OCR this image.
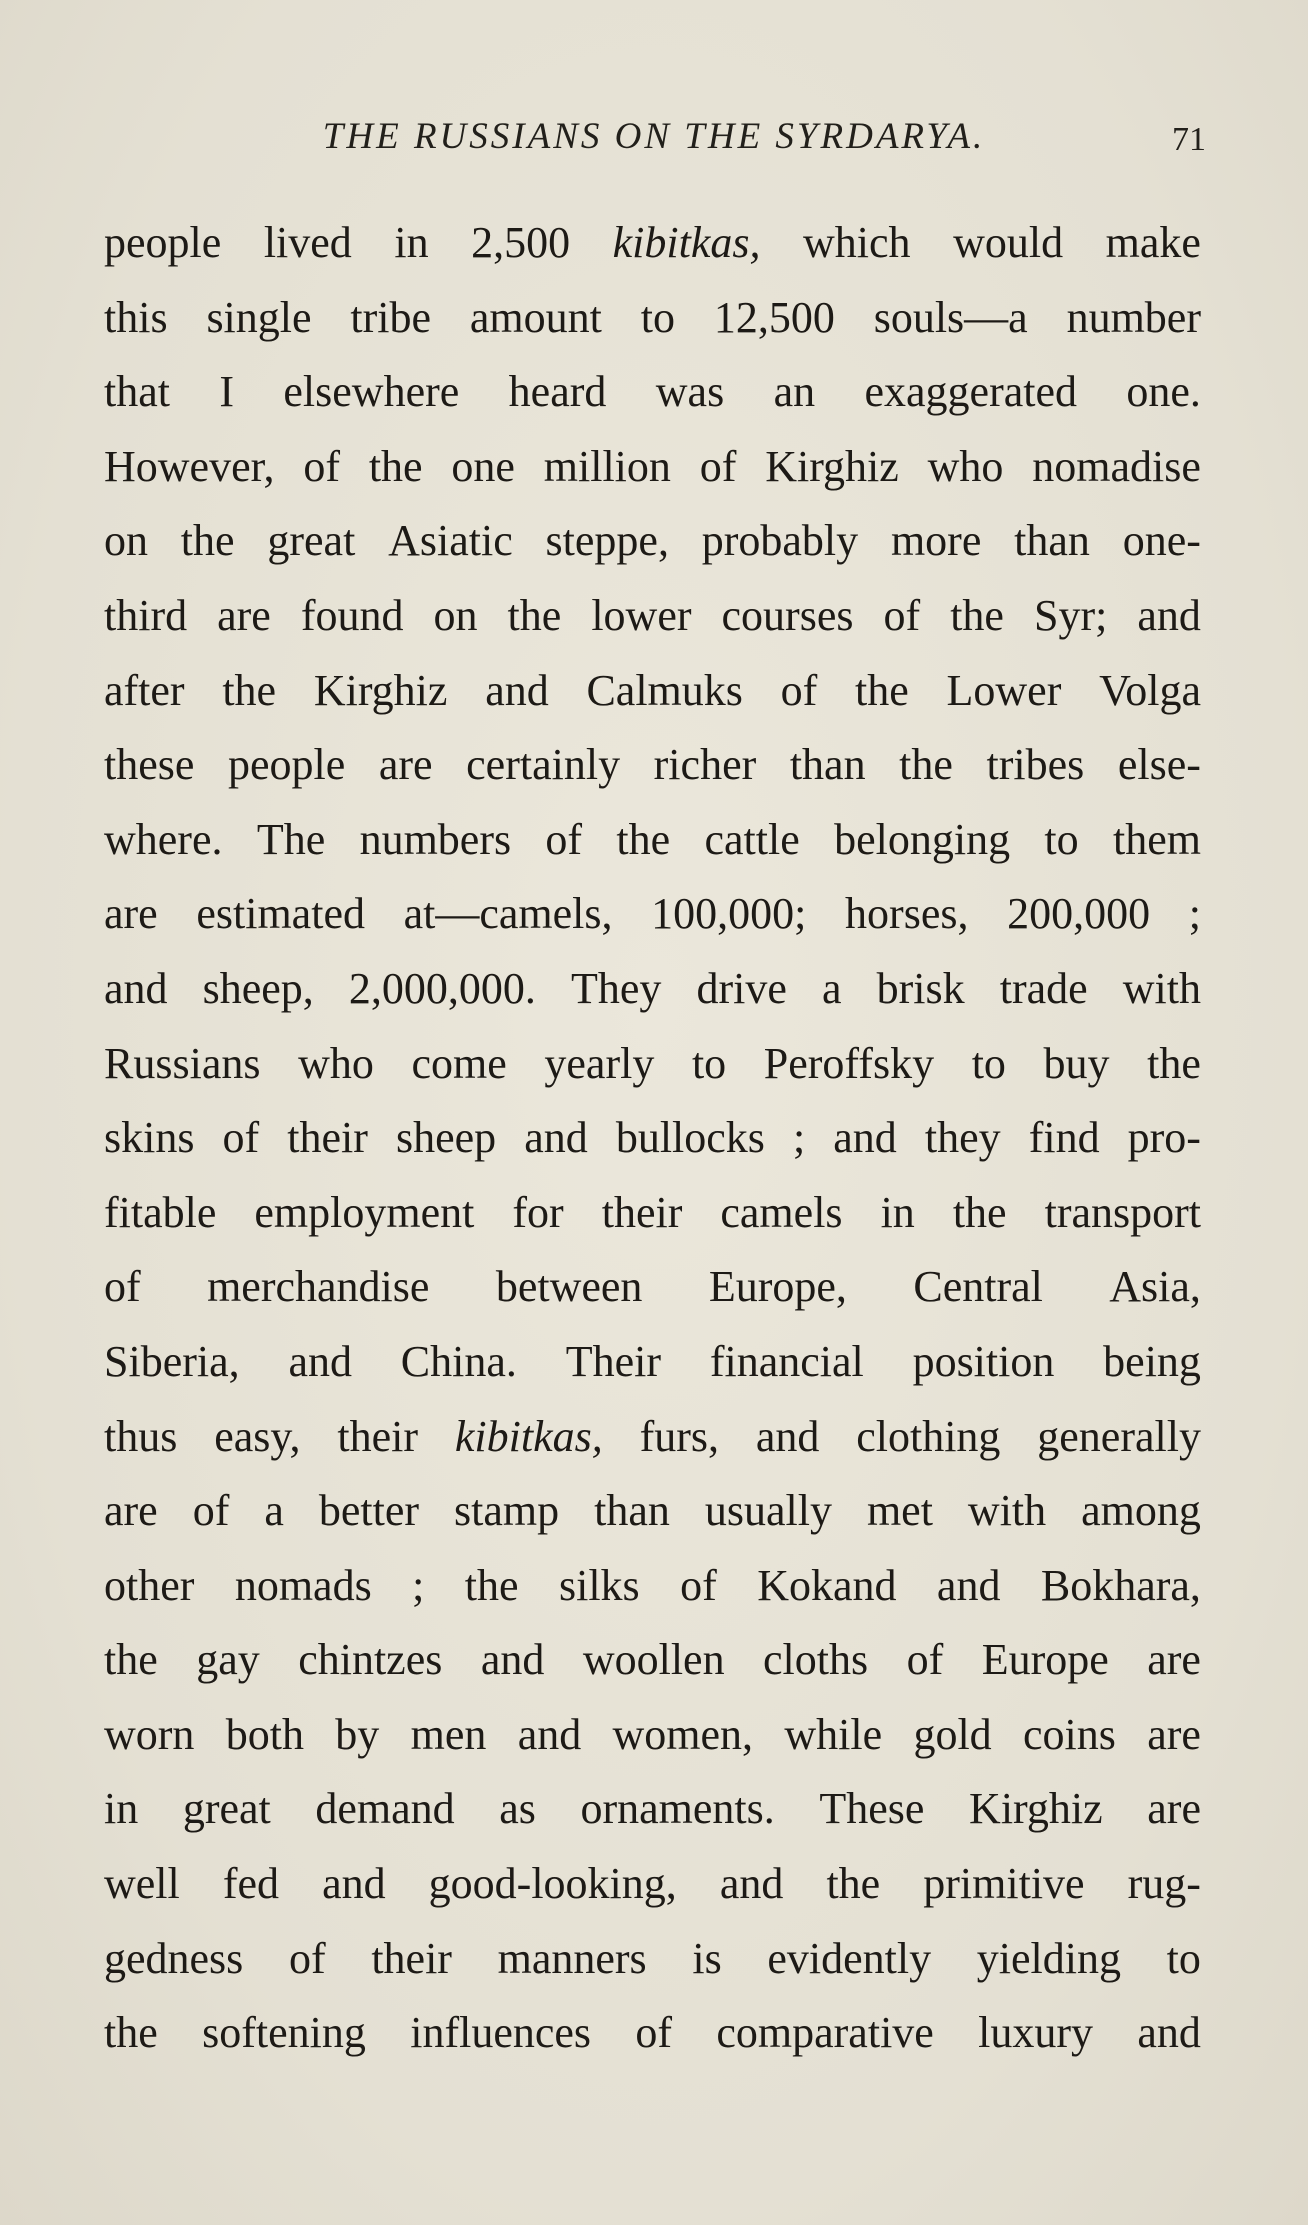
THE RUSSIANS ON THE SYRDARYA.	71
people lived in 2,500 kibitkas, which would make
this single tribe amount to 12,500 souls—a number
that I elsewhere heard was an exaggerated one.
However, of the one million of Kirghiz who nomadise
on the great Asiatic steppe, probably more than one-
third are found on the lower courses of the Syr; and
after the Kirghiz and Calmuks of the Lower Volga
these people are certainly richer than the tribes else-
where. The numbers of the cattle belonging to them
are estimated at—camels, 100,000; horses, 200,000 ;
and sheep, 2,000,000. They drive a brisk trade with
Russians who come yearly to Peroffsky to buy the
skins of their sheep and bullocks ; and they find pro-
fitable employment for their camels in the transport
of merchandise between Europe, Central Asia,
Siberia, and China. Their financial position being
thus easy, their kibitkas, furs, and clothing generally
are of a better stamp than usually met with among
other nomads ; the silks of Kokand and Bokhara,
the gay chintzes and woollen cloths of Europe are
worn both by men and women, while gold coins are
in great demand as ornaments. These Kirghiz are
well fed and good-looking, and the primitive rug-
gedness of their manners is evidently yielding to
the softening influences of comparative luxury and
